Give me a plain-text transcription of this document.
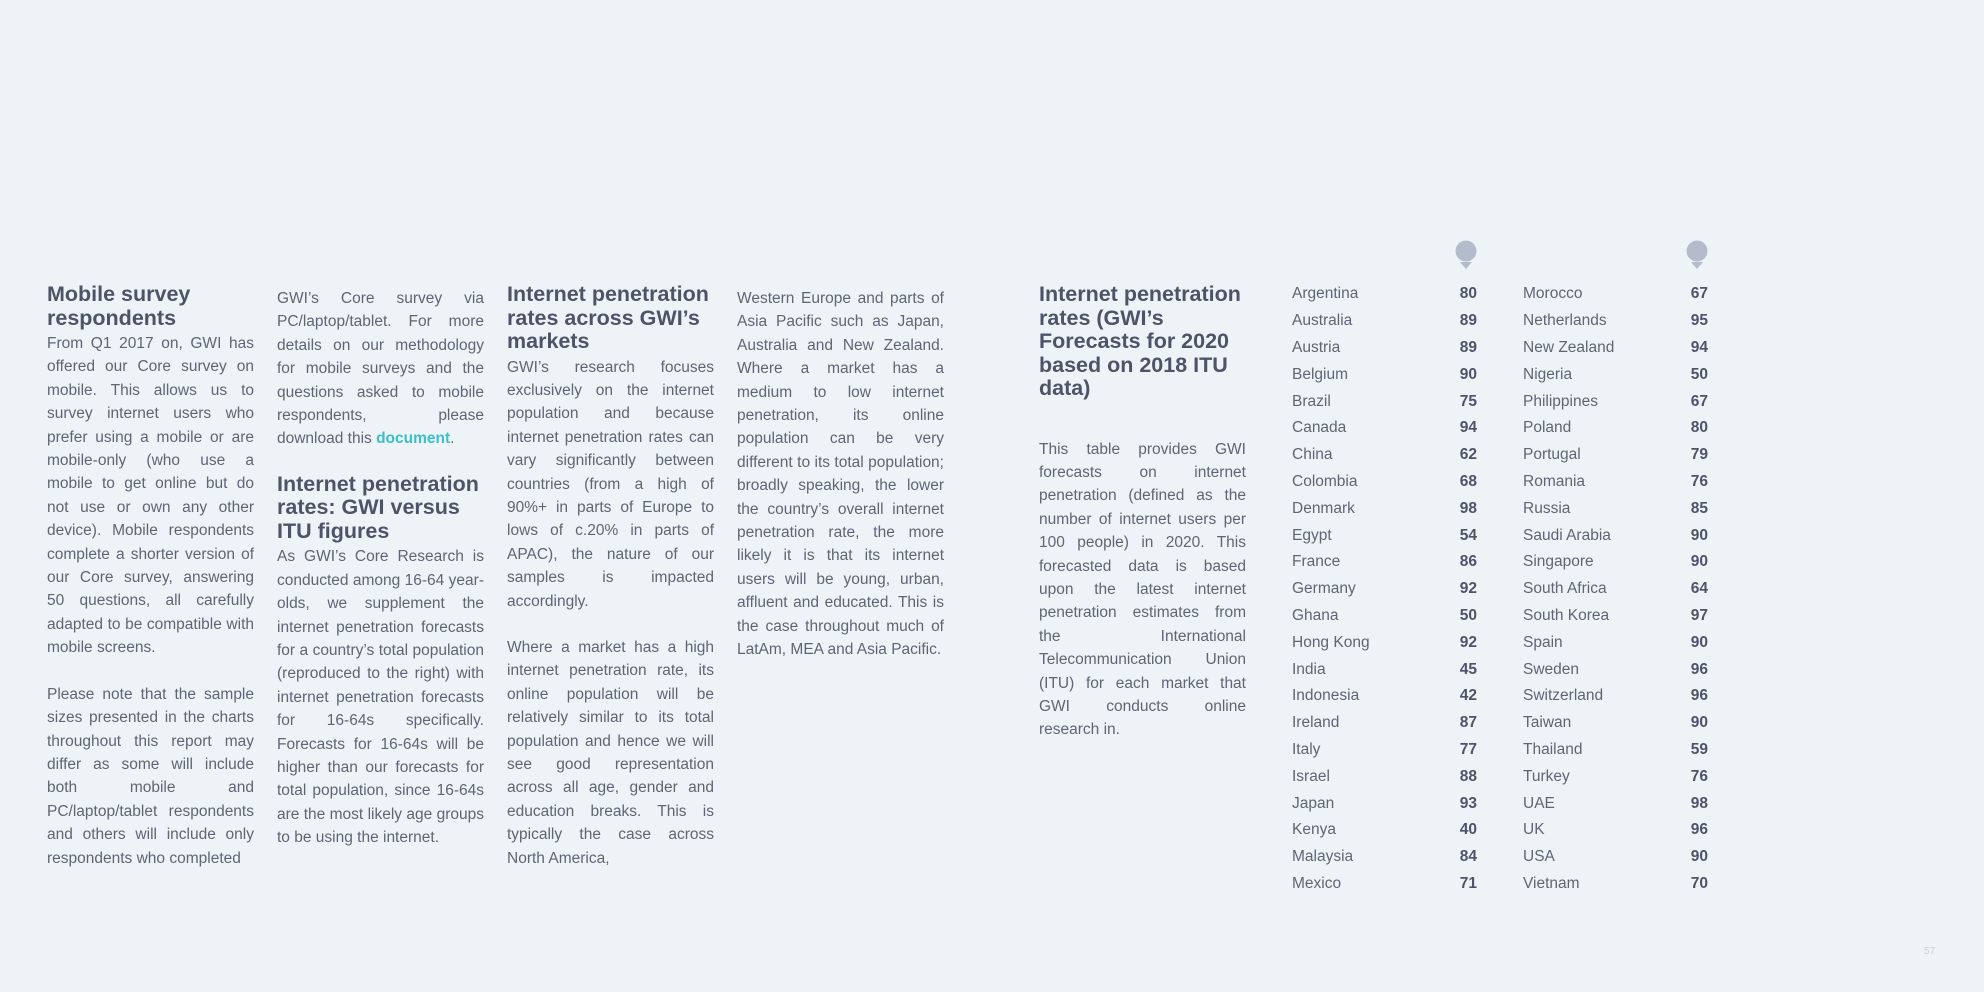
Mobile survey respondents

From Q1 2017 on, GWI has offered our Core survey on mobile. This allows us to survey internet users who prefer using a mobile or are mobile-only (who use a mobile to get online but do not use or own any other device). Mobile respondents complete a shorter version of our Core survey, answering 50 questions, all carefully adapted to be compatible with mobile screens.

Please note that the sample sizes presented in the charts throughout this report may differ as some will include both mobile and PC/laptop/tablet respondents and others will include only respondents who completed

GWI’s Core survey via PC/laptop/tablet. For more details on our methodology for mobile surveys and the questions asked to mobile respondents, please download this document.

Internet penetration rates: GWI versus ITU figures

As GWI’s Core Research is conducted among 16-64 year-olds, we supplement the internet penetration forecasts for a country’s total population (reproduced to the right) with internet penetration forecasts for 16-64s specifically. Forecasts for 16-64s will be higher than our forecasts for total population, since 16-64s are the most likely age groups to be using the internet.

Internet penetration rates across GWI’s markets

GWI’s research focuses exclusively on the internet population and because internet penetration rates can vary significantly between countries (from a high of 90%+ in parts of Europe to lows of c.20% in parts of APAC), the nature of our samples is impacted accordingly.

Where a market has a high internet penetration rate, its online population will be relatively similar to its total population and hence we will see good representation across all age, gender and education breaks. This is typically the case across North America,

Western Europe and parts of Asia Pacific such as Japan, Australia and New Zealand. Where a market has a medium to low internet penetration, its online population can be very different to its total population; broadly speaking, the lower the country’s overall internet penetration rate, the more likely it is that its internet users will be young, urban, affluent and educated. This is the case throughout much of LatAm, MEA and Asia Pacific.

Internet penetration rates (GWI’s Forecasts for 2020 based on 2018 ITU data)

This table provides GWI forecasts on internet penetration (defined as the number of internet users per 100 people) in 2020. This forecasted data is based upon the latest internet penetration estimates from the International Telecommunication Union (ITU) for each market that GWI conducts online research in.

Argentina	80
Australia	89
Austria	89
Belgium	90
Brazil	75
Canada	94
China	62
Colombia	68
Denmark	98
Egypt	54
France	86
Germany	92
Ghana	50
Hong Kong	92
India	45
Indonesia	42
Ireland	87
Italy	77
Israel	88
Japan	93
Kenya	40
Malaysia	84
Mexico	71
Morocco	67
Netherlands	95
New Zealand	94
Nigeria	50
Philippines	67
Poland	80
Portugal	79
Romania	76
Russia	85
Saudi Arabia	90
Singapore	90
South Africa	64
South Korea	97
Spain	90
Sweden	96
Switzerland	96
Taiwan	90
Thailand	59
Turkey	76
UAE	98
UK	96
USA	90
Vietnam	70
57
